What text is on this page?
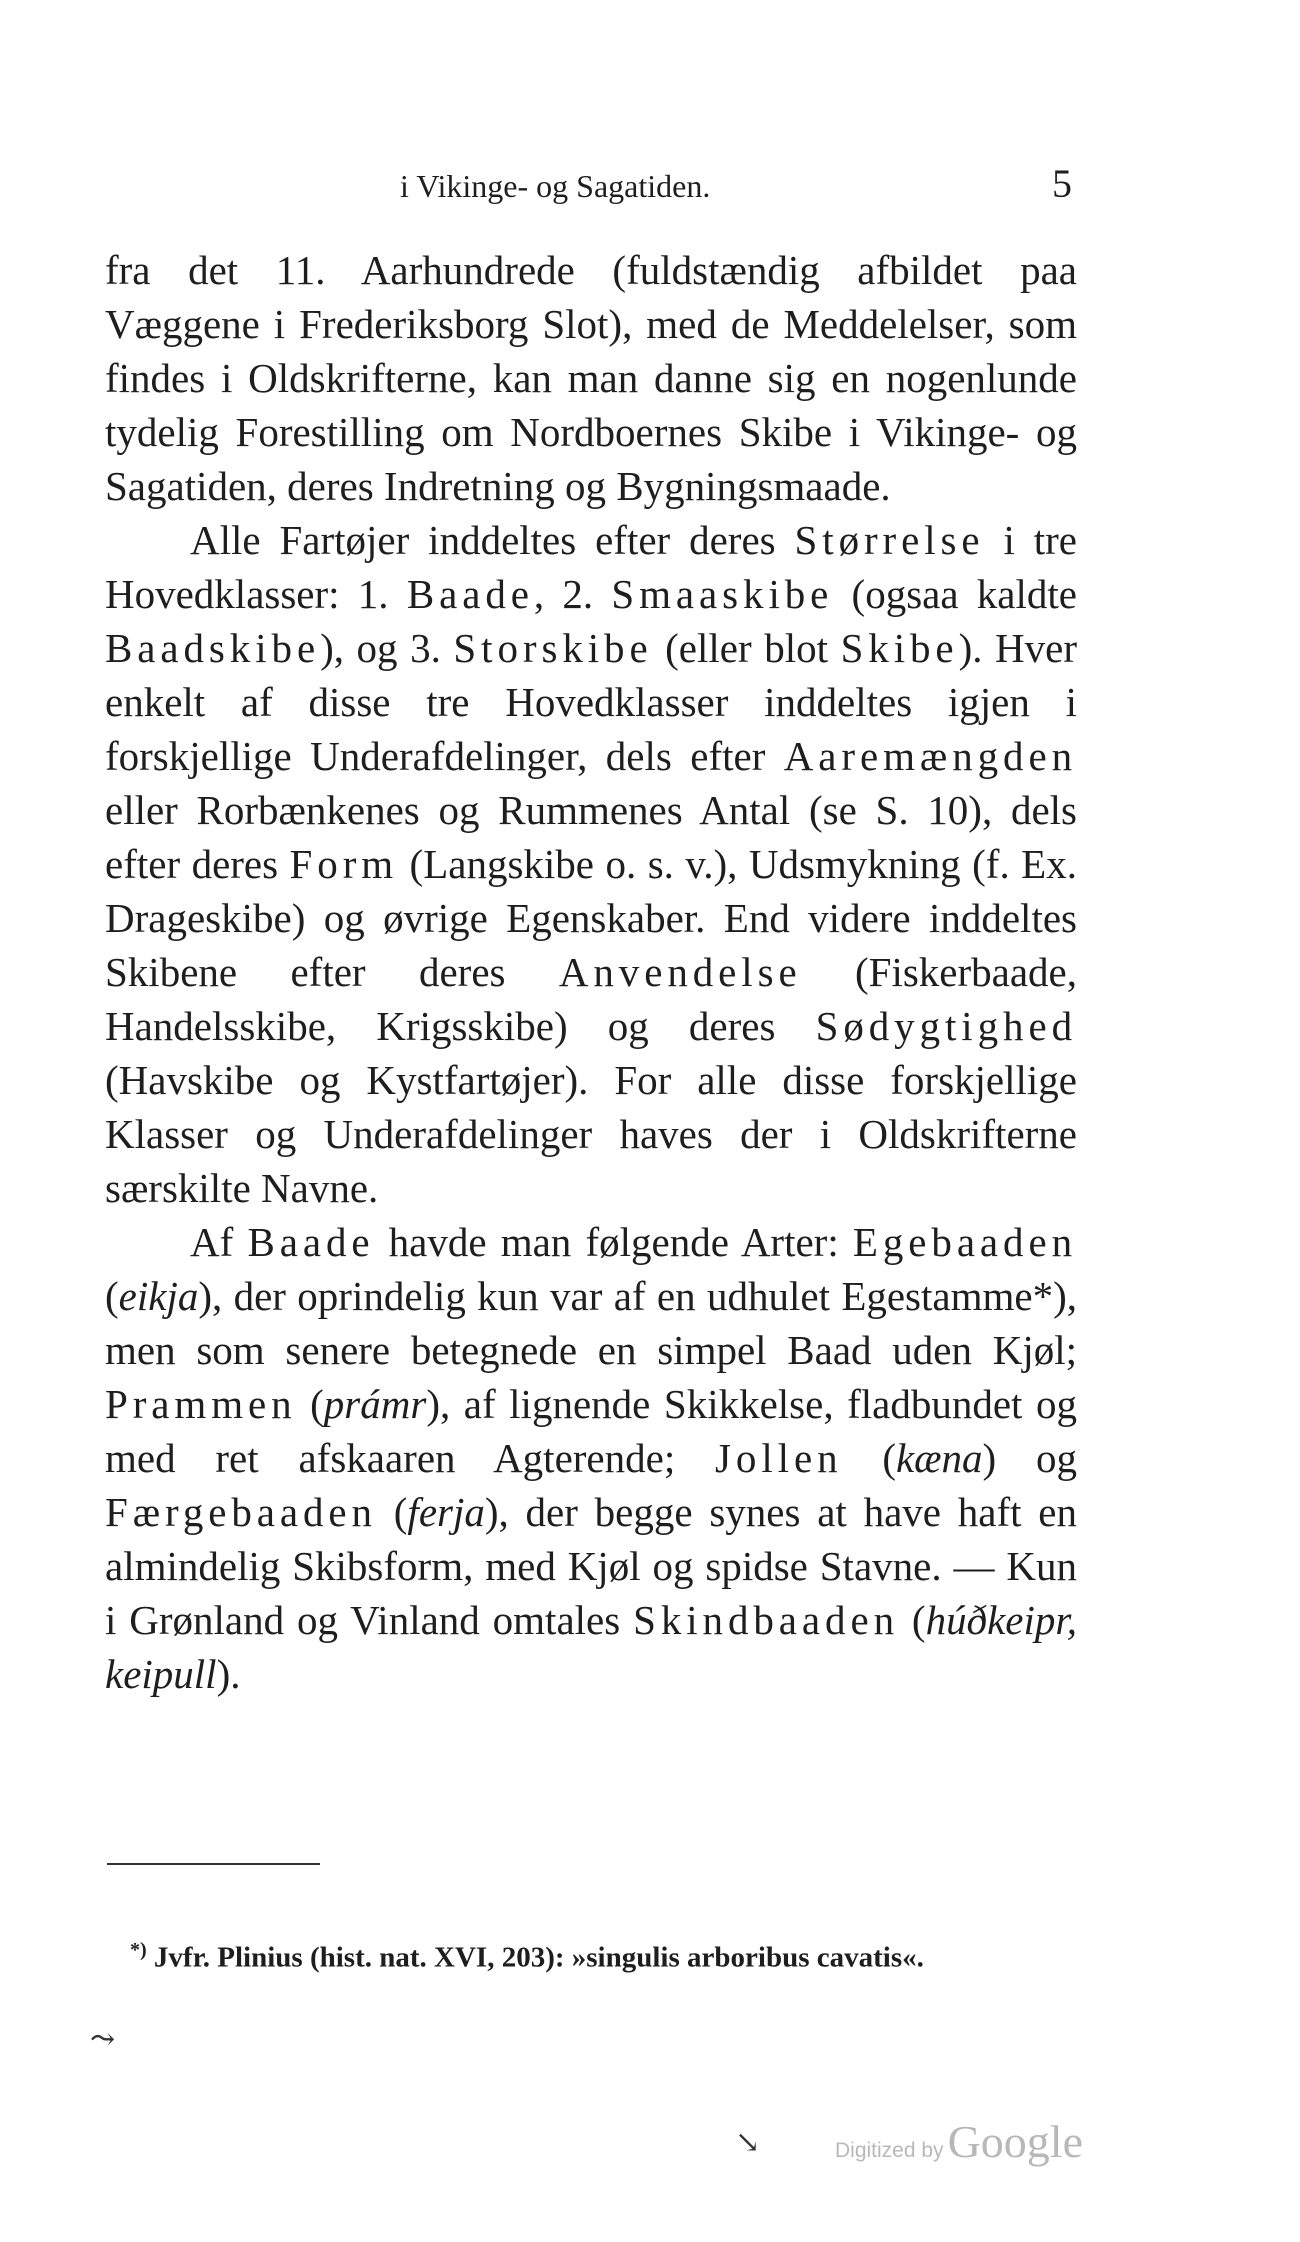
i Vikinge- og Sagatiden.	5

fra det 11. Aarhundrede (fuldstændig afbildet paa Væggene i Frederiksborg Slot), med de Meddelelser, som findes i Oldskrifterne, kan man danne sig en nogenlunde tydelig Forestilling om Nordboernes Skibe i Vikinge- og Sagatiden, deres Indretning og Bygningsmaade.

Alle Fartøjer inddeltes efter deres Størrelse i tre Hovedklasser: 1. Baade, 2. Smaaskibe (ogsaa kaldte Baadskibe), og 3. Storskibe (eller blot Skibe). Hver enkelt af disse tre Hovedklasser inddeltes igjen i forskjellige Underafdelinger, dels efter Aaremængden eller Rorbænkenes og Rummenes Antal (se S. 10), dels efter deres Form (Langskibe o. s. v.), Udsmykning (f. Ex. Drageskibe) og øvrige Egenskaber. End videre inddeltes Skibene efter deres Anvendelse (Fiskerbaade, Handelsskibe, Krigsskibe) og deres Sødygtighed (Havskibe og Kystfartøjer). For alle disse forskjellige Klasser og Underafdelinger haves der i Oldskrifterne særskilte Navne.

Af Baade havde man følgende Arter: Egebaaden (eikja), der oprindelig kun var af en udhulet Egestamme*), men som senere betegnede en simpel Baad uden Kjøl; Prammen (prámr), af lignende Skikkelse, fladbundet og med ret afskaaren Agterende; Jollen (kæna) og Færgebaaden (ferja), der begge synes at have haft en almindelig Skibsform, med Kjøl og spidse Stavne. — Kun i Grønland og Vinland omtales Skindbaaden (húðkeipr, keipull).

*) Jvfr. Plinius (hist. nat. XVI, 203): »singulis arboribus cavatis«.
⤳
↘	Digitized by Google
